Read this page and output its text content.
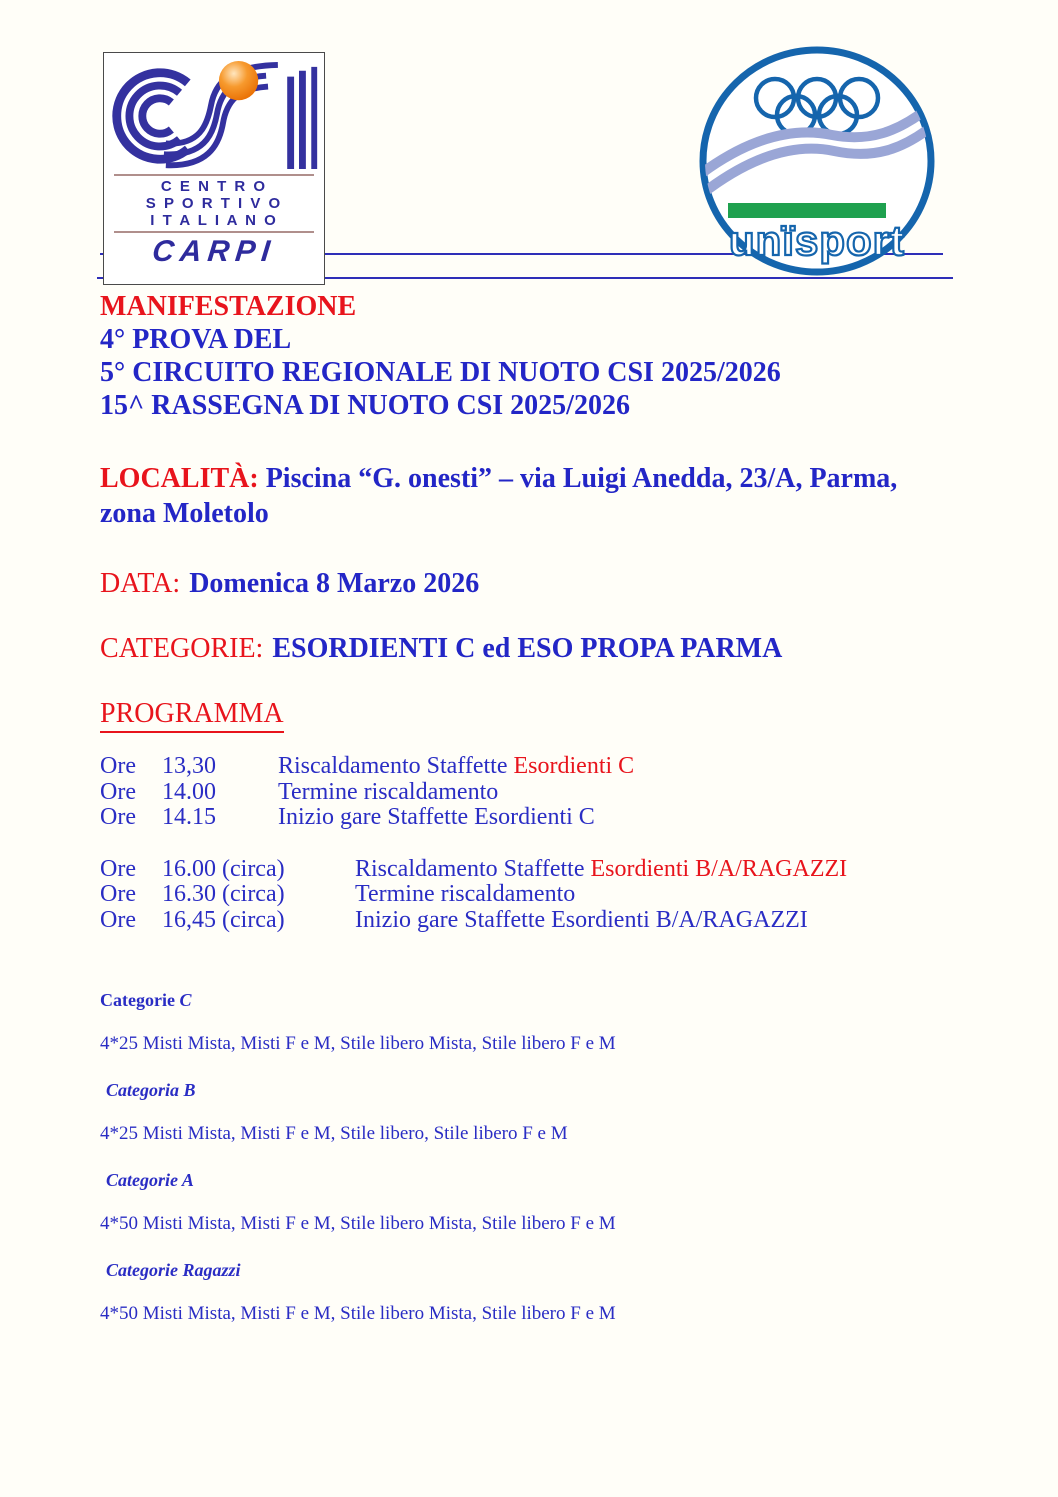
C E N T R O
S P O R T I V O
I T A L I A N O
CARPI	unïsport
MANIFESTAZIONE
4° PROVA DEL
5° CIRCUITO REGIONALE DI NUOTO CSI 2025/2026
15^ RASSEGNA DI NUOTO CSI 2025/2026

LOCALITÀ: Piscina “G. onesti” – via Luigi Anedda, 23/A, Parma, zona Moletolo

DATA: Domenica 8 Marzo 2026

CATEGORIE: ESORDIENTI C ed ESO PROPA PARMA

PROGRAMMA

Ore	13,30	Riscaldamento Staffette Esordienti C
Ore	14.00	Termine riscaldamento
Ore	14.15	Inizio gare Staffette Esordienti C
Ore	16.00 (circa)	Riscaldamento Staffette Esordienti B/A/RAGAZZI
Ore	16.30 (circa)	Termine riscaldamento
Ore	16,45 (circa)	Inizio gare Staffette Esordienti B/A/RAGAZZI
Categorie C
4*25 Misti Mista, Misti F e M, Stile libero Mista, Stile libero F e M
Categoria B
4*25 Misti Mista, Misti F e M, Stile libero, Stile libero F e M
Categorie A
4*50 Misti Mista, Misti F e M, Stile libero Mista, Stile libero F e M
Categorie Ragazzi
4*50 Misti Mista, Misti F e M, Stile libero Mista, Stile libero F e M
